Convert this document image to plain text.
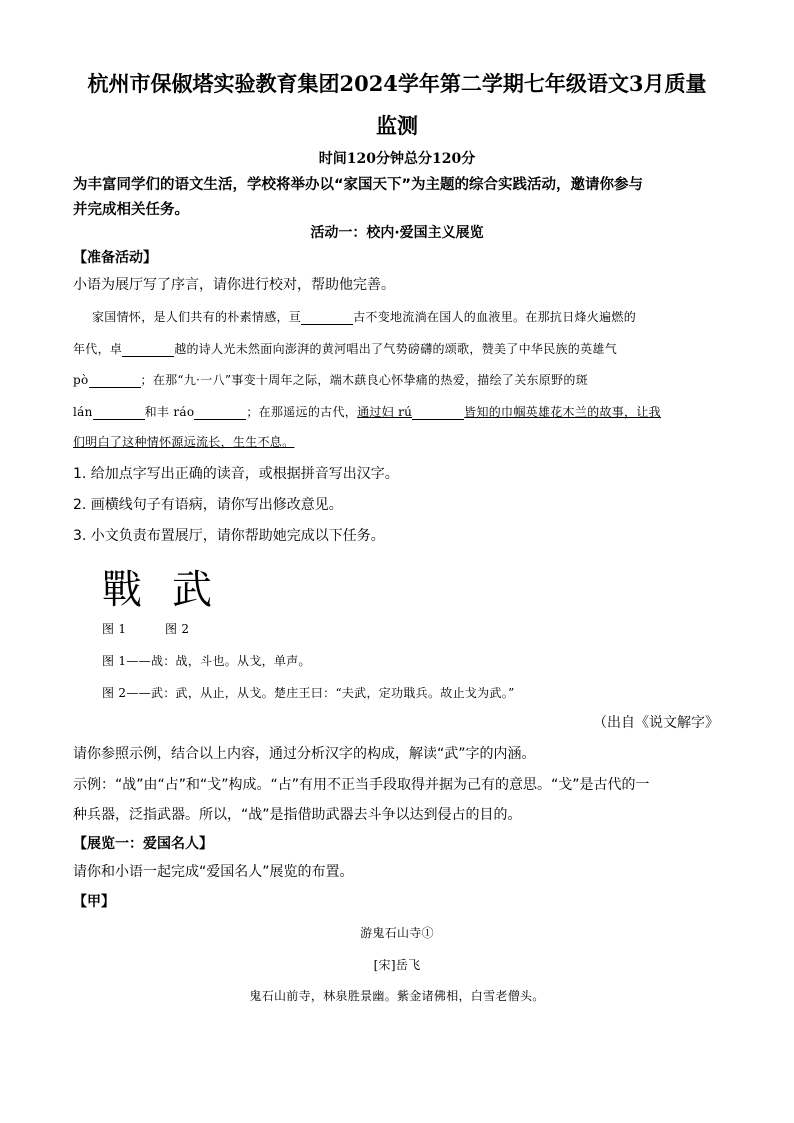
杭州市保俶塔实验教育集团2024学年第二学期七年级语文3月质量
监测
时间120分钟总分120分
为丰富同学们的语文生活，学校将举办以“家国天下”为主题的综合实践活动，邀请你参与
并完成相关任务。
活动一：校内·爱国主义展览
【准备活动】
小语为展厅写了序言，请你进行校对，帮助他完善。
家国情怀，是人们共有的朴素情感，亘	古不变地流淌在国人的血液里。在那抗日烽火遍燃的
年代，卓	越的诗人光未然面向澎湃的黄河唱出了气势磅礴的颂歌，赞美了中华民族的英雄气
pò	；在那“九·一八”事变十周年之际，端木蕻良心怀挚痛的热爱，描绘了关东原野的斑
lán	和丰 ráo	；在那遥远的古代，通过妇 rú	皆知的巾帼英雄花木兰的故事，让我
们明白了这种情怀源远流长，生生不息。
1. 给加点字写出正确的读音，或根据拼音写出汉字。
2. 画横线句子有语病，请你写出修改意见。
3. 小文负责布置展厅，请你帮助她完成以下任务。
戰 武
图 1	图 2
图 1——战：战，斗也。从戈，单声。
图 2——武：武，从止，从戈。楚庄王曰：“夫武，定功戢兵。故止戈为武。”
（出自《说文解字》
请你参照示例，结合以上内容，通过分析汉字的构成，解读“武”字的内涵。
示例：“战”由“占”和“戈”构成。“占”有用不正当手段取得并据为己有的意思。“戈”是古代的一
种兵器，泛指武器。所以，“战”是指借助武器去斗争以达到侵占的目的。
【展览一：爱国名人】
请你和小语一起完成“爱国名人”展览的布置。
【甲】
游鬼石山寺①
[宋]岳飞
鬼石山前寺，林泉胜景幽。紫金诸佛相，白雪老僧头。
